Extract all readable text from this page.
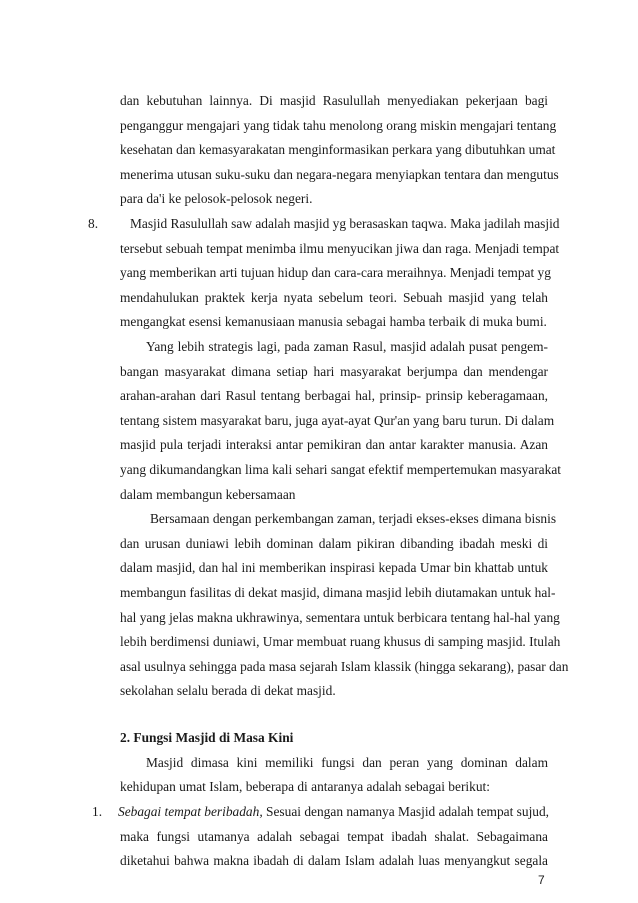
dan kebutuhan lainnya. Di masjid Rasulullah menyediakan pekerjaan bagi
penganggur mengajari yang tidak tahu menolong orang miskin mengajari tentang
kesehatan dan kemasyarakatan menginformasikan perkara yang dibutuhkan umat
menerima utusan suku-suku dan negara-negara menyiapkan tentara dan mengutus
para da'i ke pelosok-pelosok negeri.
8. Masjid Rasulullah saw adalah masjid yg berasaskan taqwa. Maka jadilah masjid
tersebut sebuah tempat menimba ilmu menyucikan jiwa dan raga. Menjadi tempat
yang memberikan arti tujuan hidup dan cara-cara meraihnya. Menjadi tempat yg
mendahulukan praktek kerja nyata sebelum teori. Sebuah masjid yang telah
mengangkat esensi kemanusiaan manusia sebagai hamba terbaik di muka bumi.
Yang lebih strategis lagi, pada zaman Rasul, masjid adalah pusat pengem-
bangan masyarakat dimana setiap hari masyarakat berjumpa dan mendengar
arahan-arahan dari Rasul tentang berbagai hal, prinsip- prinsip keberagamaan,
tentang sistem masyarakat baru, juga ayat-ayat Qur'an yang baru turun. Di dalam
masjid pula terjadi interaksi antar pemikiran dan antar karakter manusia. Azan
yang dikumandangkan lima kali sehari sangat efektif mempertemukan masyarakat
dalam membangun kebersamaan
Bersamaan dengan perkembangan zaman, terjadi ekses-ekses dimana bisnis
dan urusan duniawi lebih dominan dalam pikiran dibanding ibadah meski di
dalam masjid, dan hal ini memberikan inspirasi kepada Umar bin khattab untuk
membangun fasilitas di dekat masjid, dimana masjid lebih diutamakan untuk hal-
hal yang jelas makna ukhrawinya, sementara untuk berbicara tentang hal-hal yang
lebih berdimensi duniawi, Umar membuat ruang khusus di samping masjid. Itulah
asal usulnya sehingga pada masa sejarah Islam klassik (hingga sekarang), pasar dan
sekolahan selalu berada di dekat masjid.
2. Fungsi Masjid di Masa Kini
Masjid dimasa kini memiliki fungsi dan peran yang dominan dalam
kehidupan umat Islam, beberapa di antaranya adalah sebagai berikut:
1. Sebagai tempat beribadah, Sesuai dengan namanya Masjid adalah tempat sujud,
maka fungsi utamanya adalah sebagai tempat ibadah shalat. Sebagaimana
diketahui bahwa makna ibadah di dalam Islam adalah luas menyangkut segala
7
